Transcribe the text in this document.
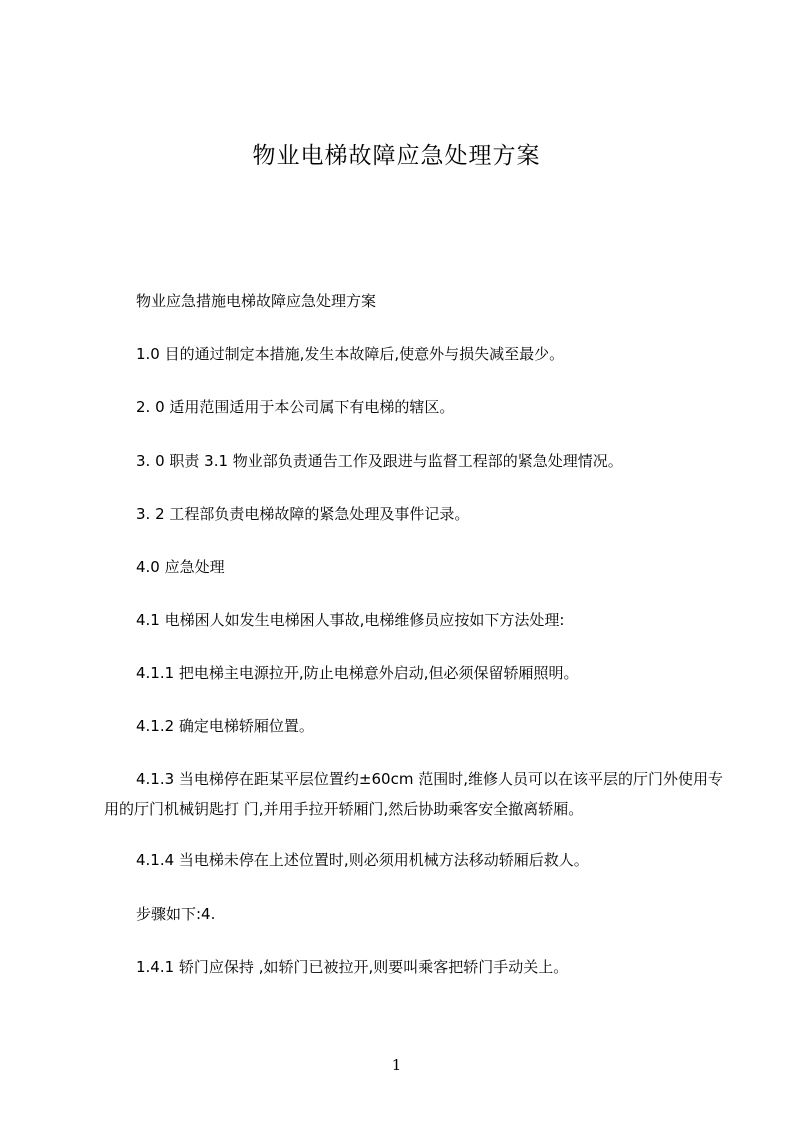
物业电梯故障应急处理方案
物业应急措施电梯故障应急处理方案
1.0 目的通过制定本措施,发生本故障后,使意外与损失减至最少。
2. 0 适用范围适用于本公司属下有电梯的辖区。
3. 0 职责 3.1 物业部负责通告工作及跟进与监督工程部的紧急处理情况。
3. 2 工程部负责电梯故障的紧急处理及事件记录。
4.0 应急处理
4.1 电梯困人如发生电梯困人事故,电梯维修员应按如下方法处理:
4.1.1 把电梯主电源拉开,防止电梯意外启动,但必须保留轿厢照明。
4.1.2 确定电梯轿厢位置。
4.1.3 当电梯停在距某平层位置约±60cm 范围时,维修人员可以在该平层的厅门外使用专用的厅门机械钥匙打 门,并用手拉开轿厢门,然后协助乘客安全撤离轿厢。
4.1.4 当电梯未停在上述位置时,则必须用机械方法移动轿厢后救人。
步骤如下:4.
1.4.1 轿门应保持 ,如轿门已被拉开,则要叫乘客把轿门手动关上。
1
